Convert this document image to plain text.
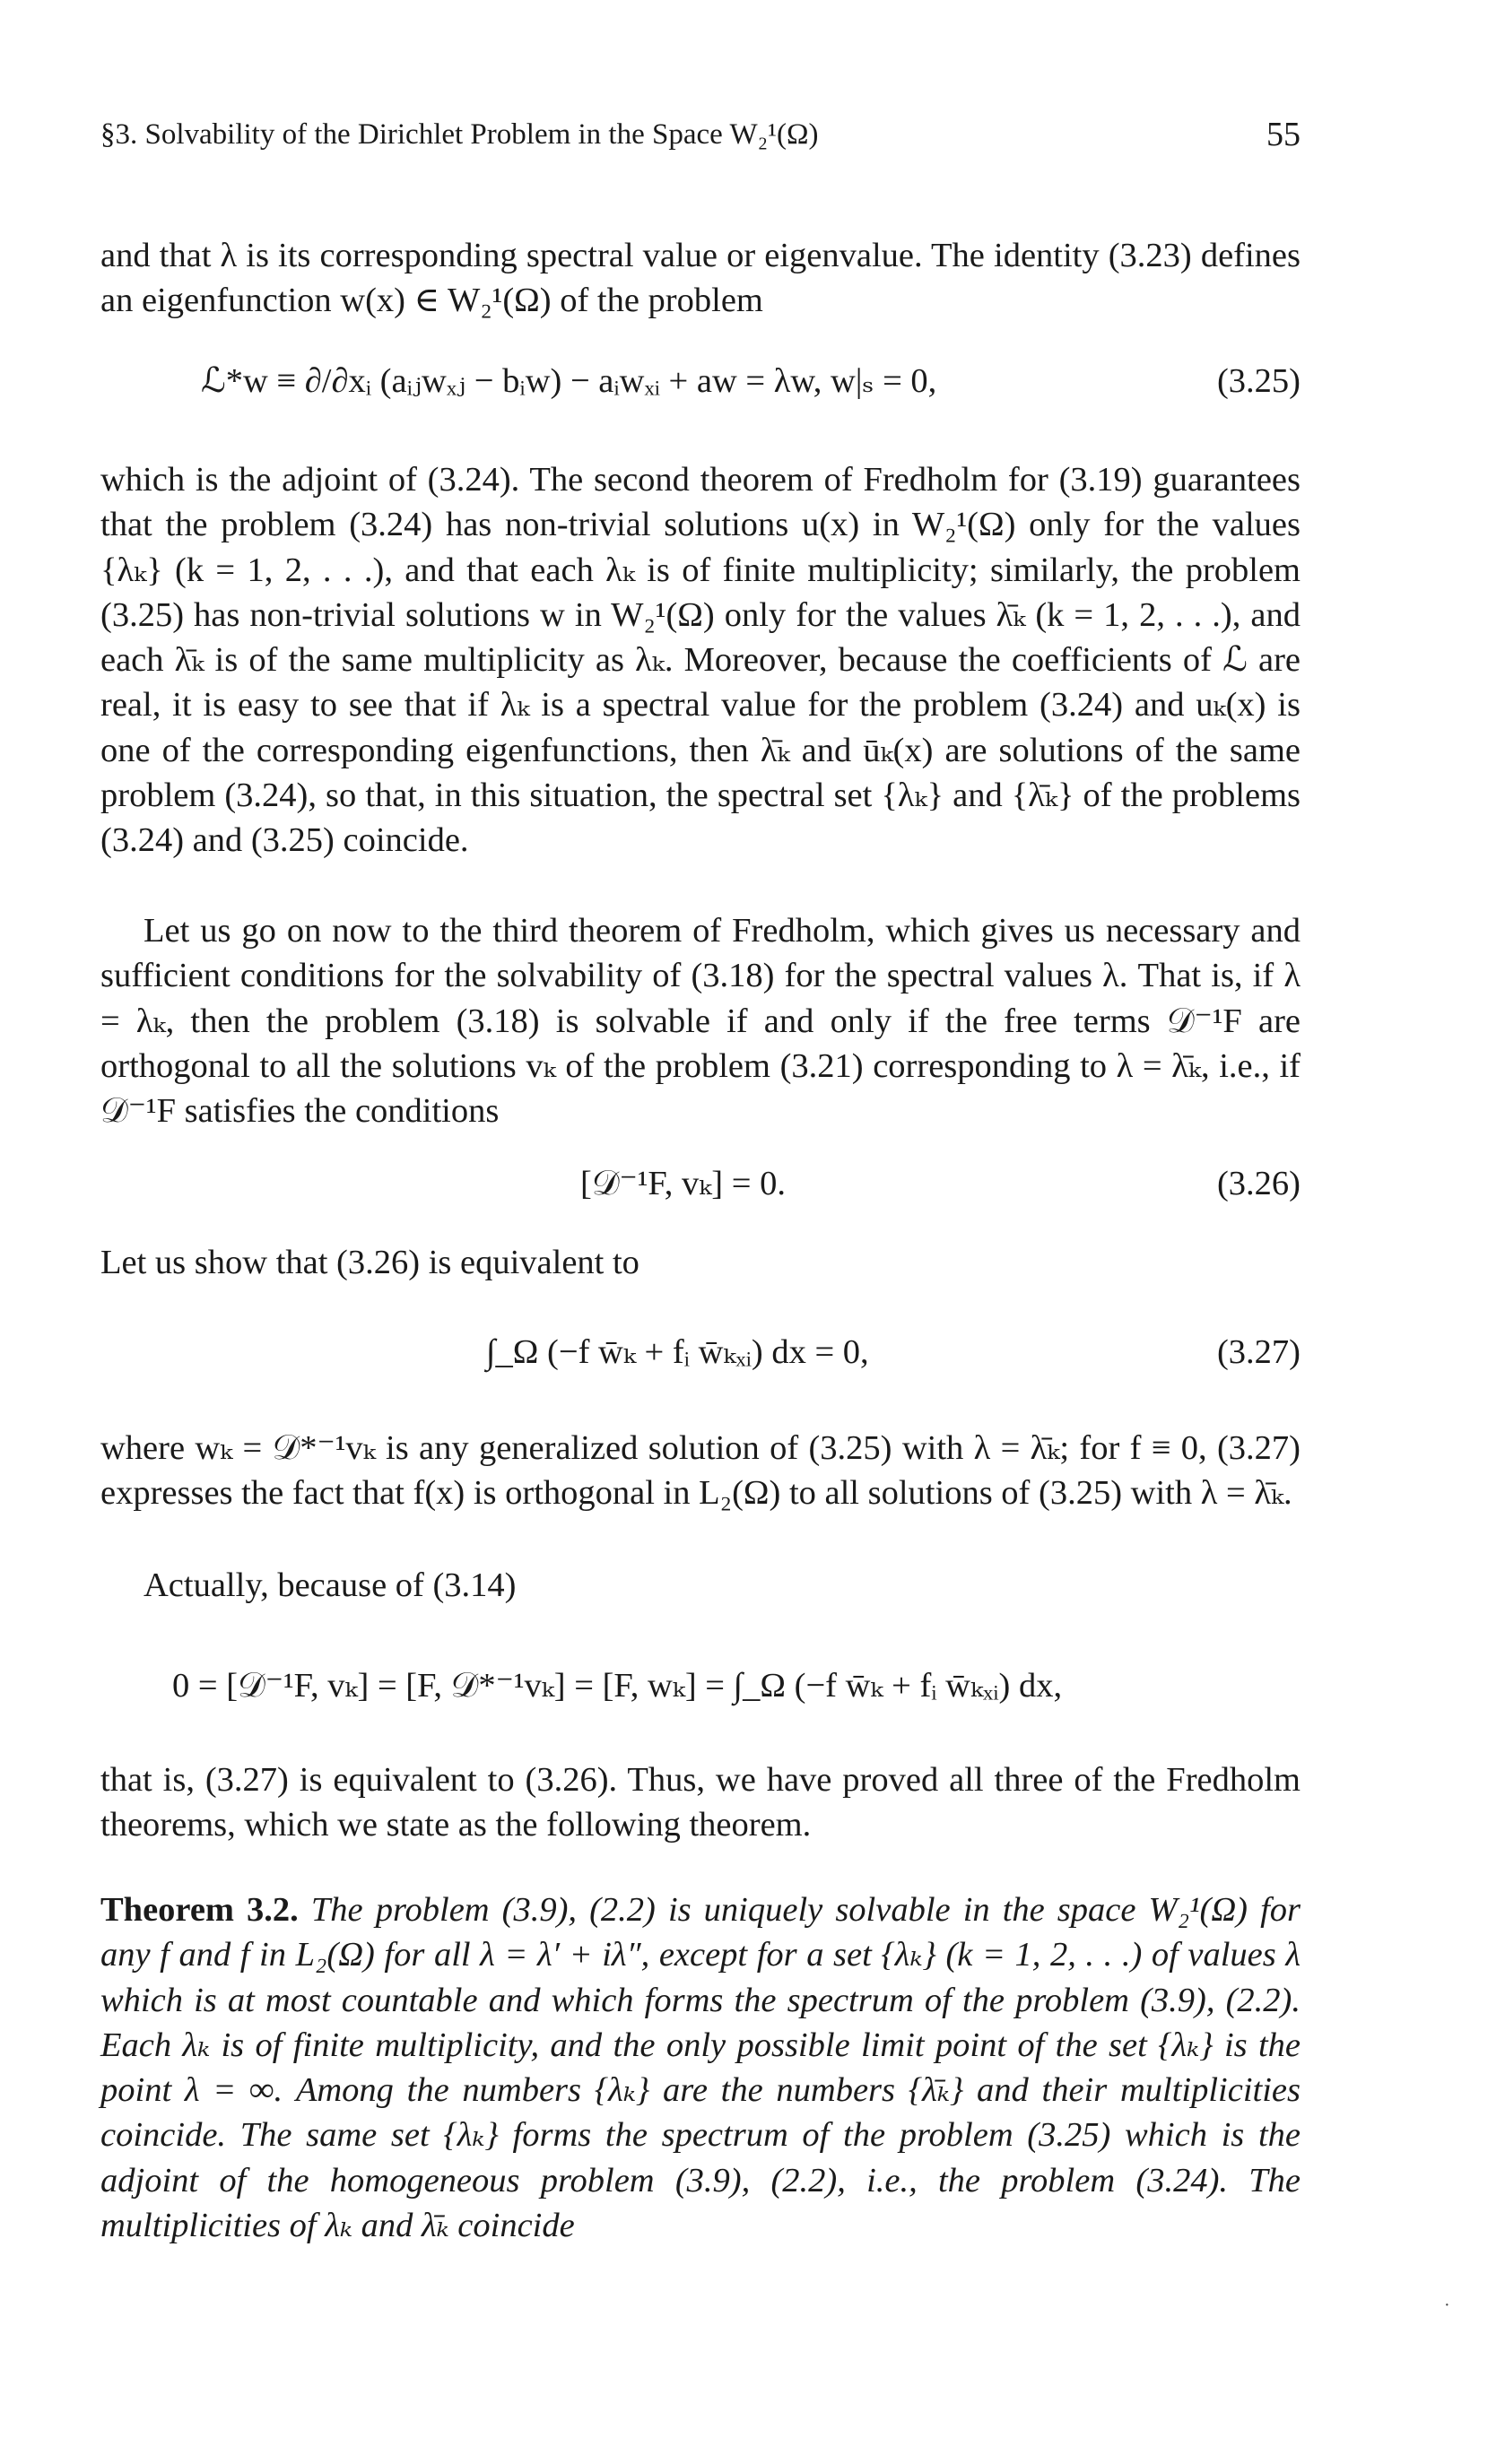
§3. Solvability of the Dirichlet Problem in the Space W₂¹(Ω)	55

and that λ is its corresponding spectral value or eigenvalue. The identity (3.23) defines an eigenfunction w(x) ∈ W₂¹(Ω) of the problem

ℒ*w ≡ ∂/∂xᵢ (aᵢⱼwₓⱼ − bᵢw) − aᵢwₓᵢ + aw = λw, w|ₛ = 0,	(3.25)

which is the adjoint of (3.24). The second theorem of Fredholm for (3.19) guarantees that the problem (3.24) has non-trivial solutions u(x) in W₂¹(Ω) only for the values {λₖ} (k = 1, 2, . . .), and that each λₖ is of finite multiplicity; similarly, the problem (3.25) has non-trivial solutions w in W₂¹(Ω) only for the values λ̄ₖ (k = 1, 2, . . .), and each λ̄ₖ is of the same multiplicity as λₖ. Moreover, because the coefficients of ℒ are real, it is easy to see that if λₖ is a spectral value for the problem (3.24) and uₖ(x) is one of the corresponding eigenfunctions, then λ̄ₖ and ūₖ(x) are solutions of the same problem (3.24), so that, in this situation, the spectral set {λₖ} and {λ̄ₖ} of the problems (3.24) and (3.25) coincide.

Let us go on now to the third theorem of Fredholm, which gives us necessary and sufficient conditions for the solvability of (3.18) for the spectral values λ. That is, if λ = λₖ, then the problem (3.18) is solvable if and only if the free terms 𝒟⁻¹F are orthogonal to all the solutions vₖ of the problem (3.21) corresponding to λ = λ̄ₖ, i.e., if 𝒟⁻¹F satisfies the conditions

[𝒟⁻¹F, vₖ] = 0.	(3.26)

Let us show that (3.26) is equivalent to

∫_Ω (−f w̄ₖ + fᵢ w̄ₖₓᵢ) dx = 0,	(3.27)

where wₖ = 𝒟*⁻¹vₖ is any generalized solution of (3.25) with λ = λ̄ₖ; for f ≡ 0, (3.27) expresses the fact that f(x) is orthogonal in L₂(Ω) to all solutions of (3.25) with λ = λ̄ₖ.

Actually, because of (3.14)

0 = [𝒟⁻¹F, vₖ] = [F, 𝒟*⁻¹vₖ] = [F, wₖ] = ∫_Ω (−f w̄ₖ + fᵢ w̄ₖₓᵢ) dx,

that is, (3.27) is equivalent to (3.26). Thus, we have proved all three of the Fredholm theorems, which we state as the following theorem.

Theorem 3.2. The problem (3.9), (2.2) is uniquely solvable in the space W₂¹(Ω) for any f and f in L₂(Ω) for all λ = λ′ + iλ″, except for a set {λₖ} (k = 1, 2, . . .) of values λ which is at most countable and which forms the spectrum of the problem (3.9), (2.2). Each λₖ is of finite multiplicity, and the only possible limit point of the set {λₖ} is the point λ = ∞. Among the numbers {λₖ} are the numbers {λ̄ₖ} and their multiplicities coincide. The same set {λₖ} forms the spectrum of the problem (3.25) which is the adjoint of the homogeneous problem (3.9), (2.2), i.e., the problem (3.24). The multiplicities of λₖ and λ̄ₖ coincide

·
